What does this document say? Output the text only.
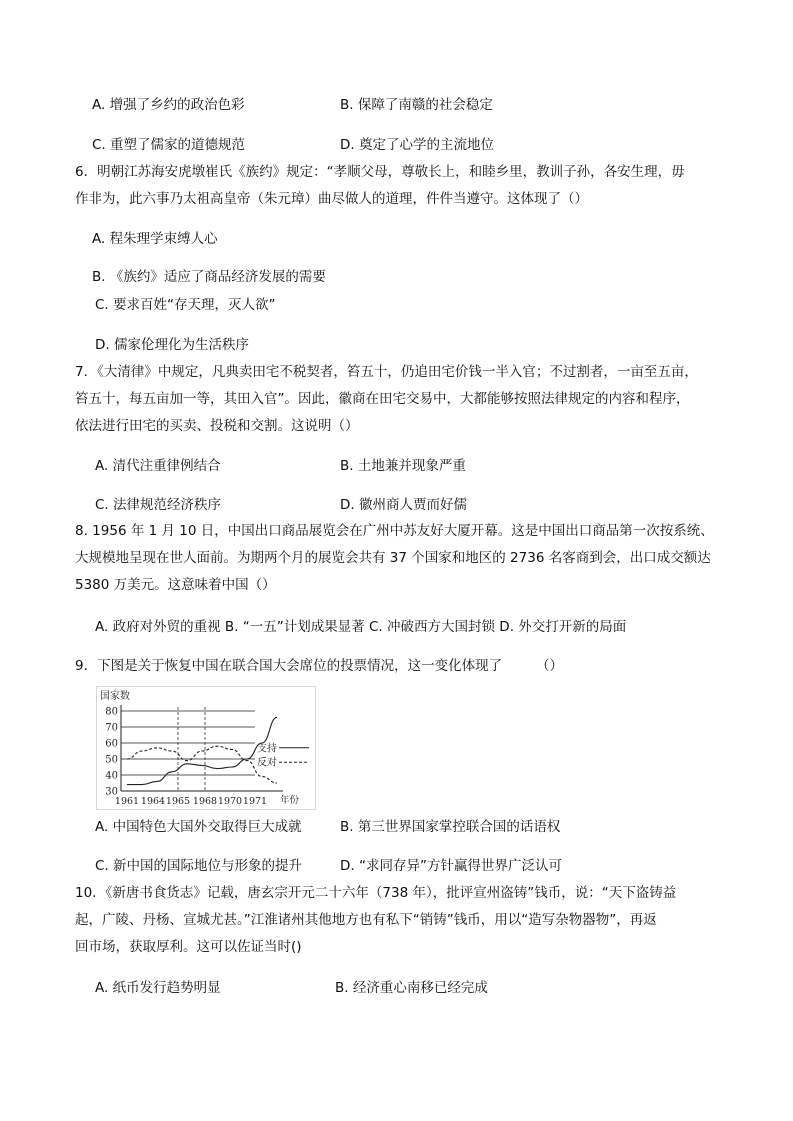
A. 增强了乡约的政治色彩	B. 保障了南赣的社会稳定
C. 重塑了儒家的道德规范	D. 奠定了心学的主流地位
6．明朝江苏海安虎墩崔氏《族约》规定：“孝顺父母，尊敬长上，和睦乡里，教训子孙，各安生理，毋
作非为，此六事乃太祖高皇帝（朱元璋）曲尽做人的道理，件件当遵守。这体现了（）
A. 程朱理学束缚人心
B. 《族约》适应了商品经济发展的需要
C. 要求百姓“存天理，灭人欲”
D. 儒家伦理化为生活秩序
7．《大清律》中规定，凡典卖田宅不税契者，笞五十，仍追田宅价钱一半入官；不过割者，一亩至五亩，
笞五十，每五亩加一等，其田入官”。因此，徽商在田宅交易中，大都能够按照法律规定的内容和程序，
依法进行田宅的买卖、投税和交割。这说明（）
A. 清代注重律例结合	B. 土地兼并现象严重
C. 法律规范经济秩序	D. 徽州商人贾而好儒
8. 1956 年 1 月 10 日，中国出口商品展览会在广州中苏友好大厦开幕。这是中国出口商品第一次按系统、
大规模地呈现在世人面前。为期两个月的展览会共有 37 个国家和地区的 2736 名客商到会，出口成交额达
5380 万美元。这意味着中国（）
A. 政府对外贸的重视 B. “一五”计划成果显著 C. 冲破西方大国封锁 D. 外交打开新的局面
9．下图是关于恢复中国在联合国大会席位的投票情况，这一变化体现了	（）
国家数
年份
30
40
50
60
70
80
1961 1964 1965 1968 1970 1971
支持
反对
A. 中国特色大国外交取得巨大成就	B. 第三世界国家掌控联合国的话语权
C. 新中国的国际地位与形象的提升	D. “求同存异”方针赢得世界广泛认可
10．《新唐书食货志》记载，唐玄宗开元二十六年（738 年），批评宣州盗铸”钱币，说：“天下盗铸益
起，广陵、丹杨、宣城尤甚。”江淮诸州其他地方也有私下“销铸”钱币，用以“造写杂物器物”，再返
回市场，获取厚利。这可以佐证当时()
A. 纸币发行趋势明显	B. 经济重心南移已经完成
